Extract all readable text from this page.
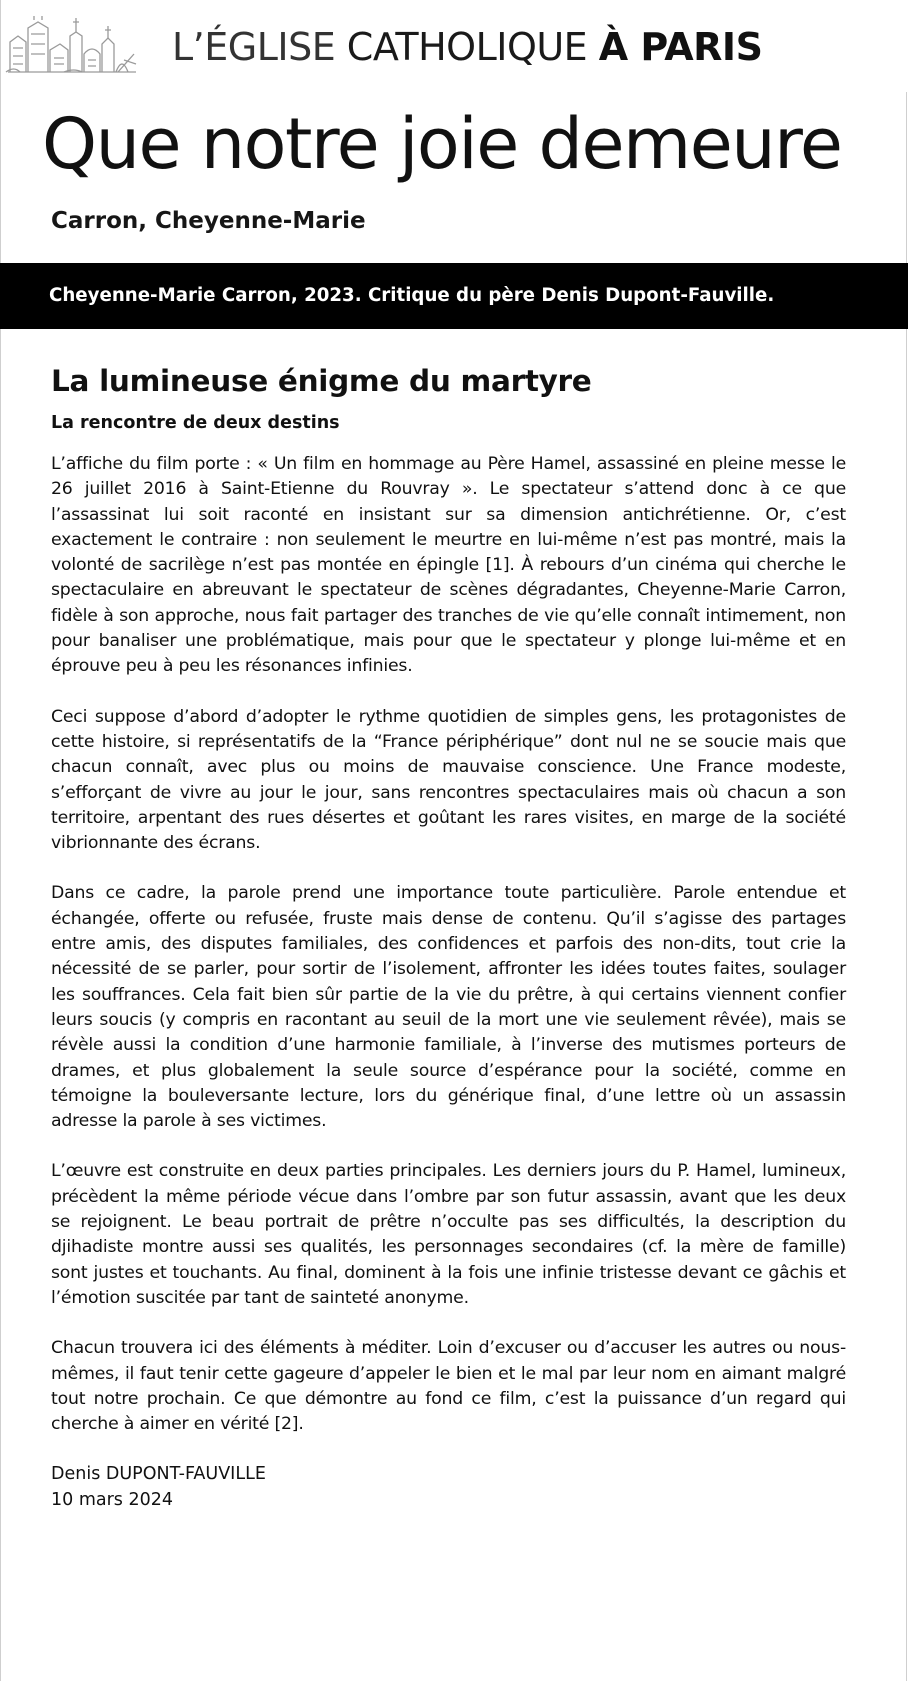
L’ÉGLISE CATHOLIQUE À PARIS
Que notre joie demeure
Carron, Cheyenne-Marie
Cheyenne-Marie Carron, 2023. Critique du père Denis Dupont-Fauville.
La lumineuse énigme du martyre
La rencontre de deux destins

L’affiche du film porte : « Un film en hommage au Père Hamel, assassiné en pleine messe le 26 juillet 2016 à Saint-Etienne du Rouvray ». Le spectateur s’attend donc à ce que l’assassinat lui soit raconté en insistant sur sa dimension antichrétienne. Or, c’est exactement le contraire : non seulement le meurtre en lui-même n’est pas montré, mais la volonté de sacrilège n’est pas montée en épingle [1]. À rebours d’un cinéma qui cherche le spectaculaire en abreuvant le spectateur de scènes dégradantes, Cheyenne-Marie Carron, fidèle à son approche, nous fait partager des tranches de vie qu’elle connaît intimement, non pour banaliser une problématique, mais pour que le spectateur y plonge lui-même et en éprouve peu à peu les résonances infinies.

Ceci suppose d’abord d’adopter le rythme quotidien de simples gens, les protagonistes de cette histoire, si représentatifs de la “France périphérique” dont nul ne se soucie mais que chacun connaît, avec plus ou moins de mauvaise conscience. Une France modeste, s’efforçant de vivre au jour le jour, sans rencontres spectaculaires mais où chacun a son territoire, arpentant des rues désertes et goûtant les rares visites, en marge de la société vibrionnante des écrans.

Dans ce cadre, la parole prend une importance toute particulière. Parole entendue et échangée, offerte ou refusée, fruste mais dense de contenu. Qu’il s’agisse des partages entre amis, des disputes familiales, des confidences et parfois des non-dits, tout crie la nécessité de se parler, pour sortir de l’isolement, affronter les idées toutes faites, soulager les souffrances. Cela fait bien sûr partie de la vie du prêtre, à qui certains viennent confier leurs soucis (y compris en racontant au seuil de la mort une vie seulement rêvée), mais se révèle aussi la condition d’une harmonie familiale, à l’inverse des mutismes porteurs de drames, et plus globalement la seule source d’espérance pour la société, comme en témoigne la bouleversante lecture, lors du générique final, d’une lettre où un assassin adresse la parole à ses victimes.

L’œuvre est construite en deux parties principales. Les derniers jours du P. Hamel, lumineux, précèdent la même période vécue dans l’ombre par son futur assassin, avant que les deux se rejoignent. Le beau portrait de prêtre n’occulte pas ses difficultés, la description du djihadiste montre aussi ses qualités, les personnages secondaires (cf. la mère de famille) sont justes et touchants. Au final, dominent à la fois une infinie tristesse devant ce gâchis et l’émotion suscitée par tant de sainteté anonyme.

Chacun trouvera ici des éléments à méditer. Loin d’excuser ou d’accuser les autres ou nous-mêmes, il faut tenir cette gageure d’appeler le bien et le mal par leur nom en aimant malgré tout notre prochain. Ce que démontre au fond ce film, c’est la puissance d’un regard qui cherche à aimer en vérité [2].

Denis DUPONT-FAUVILLE
10 mars 2024
